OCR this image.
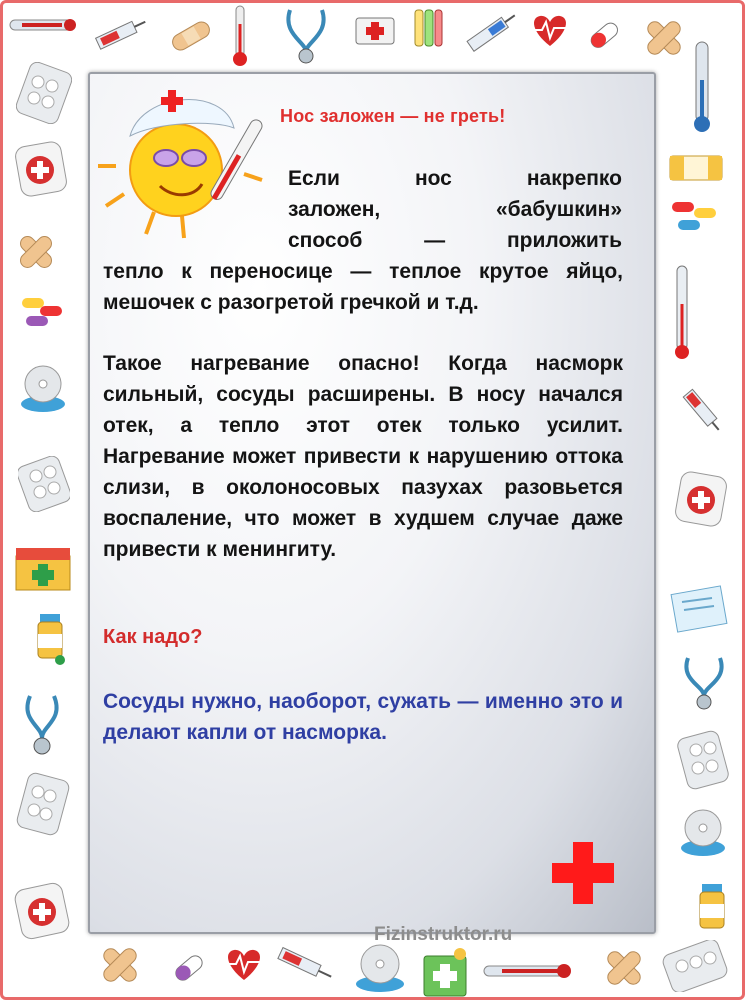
Нос заложен — не греть!
Если нос накрепко
заложен, «бабушкин»
способ — приложить
тепло к переносице — теплое крутое яйцо, мешочек с разогретой гречкой и т.д.
Такое нагревание опасно! Когда насморк сильный, сосуды расширены. В носу начался отек, а тепло этот отек только усилит. Нагревание может привести к нарушению оттока слизи, в околоносовых пазухах разовьется воспаление, что может в худшем случае даже привести к менингиту.
Как надо?
Сосуды нужно, наоборот, сужать — именно это и делают капли от насморка.
Fizinstruktor.ru
